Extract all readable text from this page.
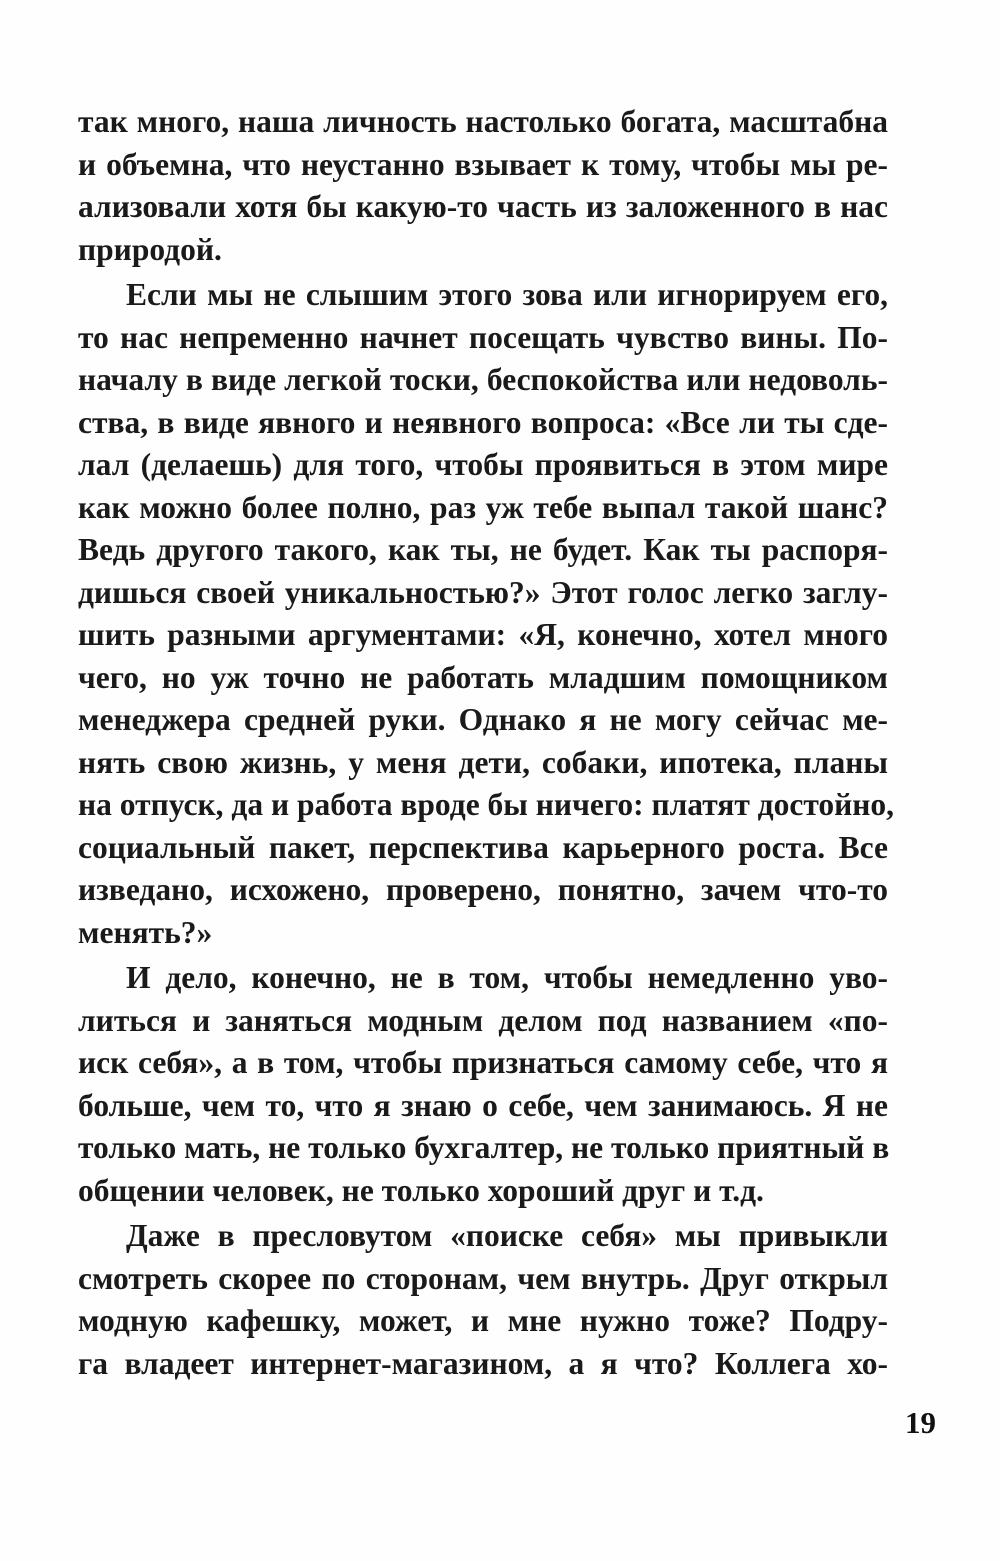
так много, наша личность настолько богата, масштабна
и объемна, что неустанно взывает к тому, чтобы мы ре-
ализовали хотя бы какую-то часть из заложенного в нас
природой.

Если мы не слышим этого зова или игнорируем его,
то нас непременно начнет посещать чувство вины. По-
началу в виде легкой тоски, беспокойства или недоволь-
ства, в виде явного и неявного вопроса: «Все ли ты сде-
лал (делаешь) для того, чтобы проявиться в этом мире
как можно более полно, раз уж тебе выпал такой шанс?
Ведь другого такого, как ты, не будет. Как ты распоря-
дишься своей уникальностью?» Этот голос легко заглу-
шить разными аргументами: «Я, конечно, хотел много
чего, но уж точно не работать младшим помощником
менеджера средней руки. Однако я не могу сейчас ме-
нять свою жизнь, у меня дети, собаки, ипотека, планы
на отпуск, да и работа вроде бы ничего: платят достойно,
социальный пакет, перспектива карьерного роста. Все
изведано, исхожено, проверено, понятно, зачем что-то
менять?»

И дело, конечно, не в том, чтобы немедленно уво-
литься и заняться модным делом под названием «по-
иск себя», а в том, чтобы признаться самому себе, что я
больше, чем то, что я знаю о себе, чем занимаюсь. Я не
только мать, не только бухгалтер, не только приятный в
общении человек, не только хороший друг и т.д.

Даже в пресловутом «поиске себя» мы привыкли
смотреть скорее по сторонам, чем внутрь. Друг открыл
модную кафешку, может, и мне нужно тоже? Подру-
га владеет интернет-магазином, а я что? Коллега хо-

19
